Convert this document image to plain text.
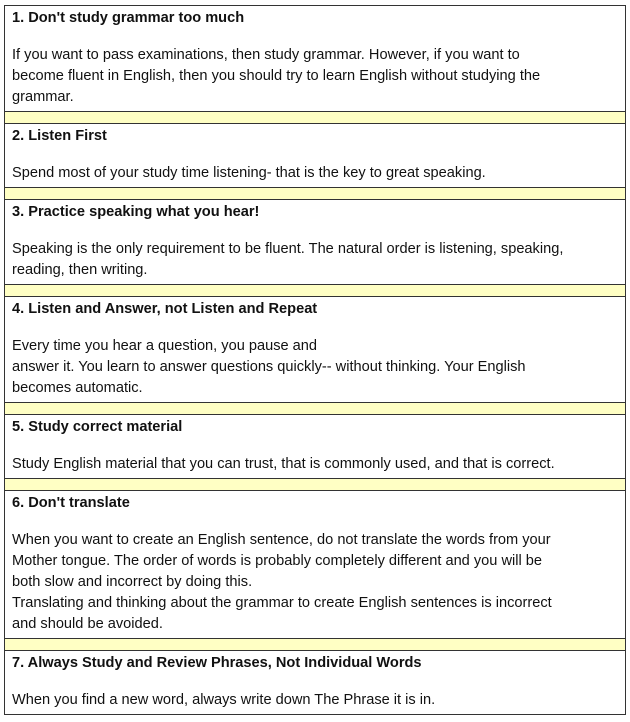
1. Don't study grammar too much
If you want to pass examinations, then study grammar. However, if you want to
become fluent in English, then you should try to learn English without studying the
grammar.
2. Listen First
Spend most of your study time listening- that is the key to great speaking.
3. Practice speaking what you hear!
Speaking is the only requirement to be fluent. The natural order is listening, speaking,
reading, then writing.
4. Listen and Answer, not Listen and Repeat
Every time you hear a question, you pause and
answer it. You learn to answer questions quickly-- without thinking. Your English
becomes automatic.
5. Study correct material
Study English material that you can trust, that is commonly used, and that is correct.
6. Don't translate
When you want to create an English sentence, do not translate the words from your
Mother tongue. The order of words is probably completely different and you will be
both slow and incorrect by doing this.
Translating and thinking about the grammar to create English sentences is incorrect
and should be avoided.
7. Always Study and Review Phrases, Not Individual Words
When you find a new word, always write down The Phrase it is in.
